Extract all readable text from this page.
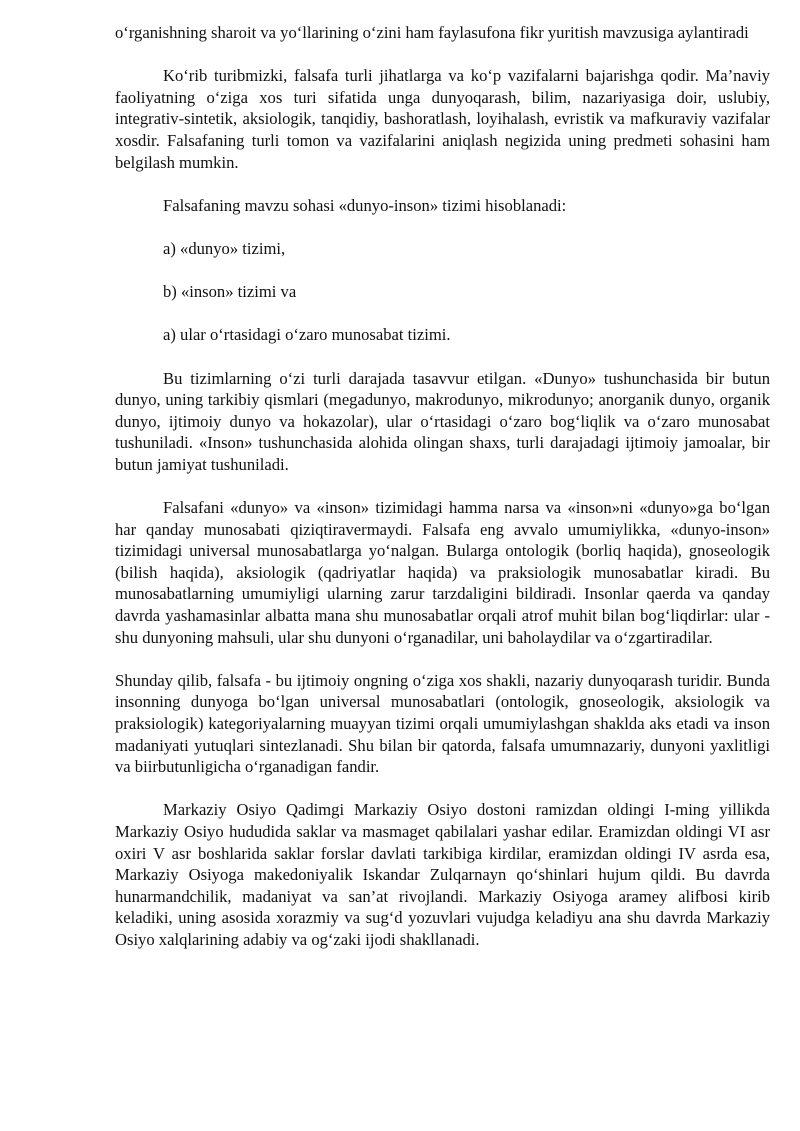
o‘rganishning sharoit va yo‘llarining o‘zini ham faylasufona fikr yuritish mavzusiga aylantiradi

Ko‘rib turibmizki, falsafa turli jihatlarga va ko‘p vazifalarni bajarishga qodir. Ma’naviy faoliyatning o‘ziga xos turi sifatida unga dunyoqarash, bilim, nazariyasiga doir, uslubiy, integrativ-sintetik, aksiologik, tanqidiy, bashoratlash, loyihalash, evristik va mafkuraviy vazifalar xosdir. Falsafaning turli tomon va vazifalarini aniqlash negizida uning predmeti sohasini ham belgilash mumkin.

Falsafaning mavzu sohasi «dunyo-inson» tizimi hisoblanadi:

a) «dunyo» tizimi,

b) «inson» tizimi va

a) ular o‘rtasidagi o‘zaro munosabat tizimi.

Bu tizimlarning o‘zi turli darajada tasavvur etilgan. «Dunyo» tushunchasida bir butun dunyo, uning tarkibiy qismlari (megadunyo, makrodunyo, mikrodunyo; anorganik dunyo, organik dunyo, ijtimoiy dunyo va hokazolar), ular o‘rtasidagi o‘zaro bog‘liqlik va o‘zaro munosabat tushuniladi. «Inson» tushunchasida alohida olingan shaxs, turli darajadagi ijtimoiy jamoalar, bir butun jamiyat tushuniladi.

Falsafani «dunyo» va «inson» tizimidagi hamma narsa va «inson»ni «dunyo»ga bo‘lgan har qanday munosabati qiziqtiravermaydi. Falsafa eng avvalo umumiylikka, «dunyo-inson» tizimidagi universal munosabatlarga yo‘nalgan. Bularga ontologik (borliq haqida), gnoseologik (bilish haqida), aksiologik (qadriyatlar haqida) va praksiologik munosabatlar kiradi. Bu munosabatlarning umumiyligi ularning zarur tarzdaligini bildiradi. Insonlar qaerda va qanday davrda yashamasinlar albatta mana shu munosabatlar orqali atrof muhit bilan bog‘liqdirlar: ular - shu dunyoning mahsuli, ular shu dunyoni o‘rganadilar, uni baholaydilar va o‘zgartiradilar.

Shunday qilib, falsafa - bu ijtimoiy ongning o‘ziga xos shakli, nazariy dunyoqarash turidir. Bunda insonning dunyoga bo‘lgan universal munosabatlari (ontologik, gnoseologik, aksiologik va praksiologik) kategoriyalarning muayyan tizimi orqali umumiylashgan shaklda aks etadi va inson madaniyati yutuqlari sintezlanadi. Shu bilan bir qatorda, falsafa umumnazariy, dunyoni yaxlitligi va biirbutunligicha o‘rganadigan fandir.

Markaziy Osiyo Qadimgi Markaziy Osiyo dostoni ramizdan oldingi I-ming yillikda Markaziy Osiyo hududida saklar va masmaget qabilalari yashar edilar. Eramizdan oldingi VI asr oxiri V asr boshlarida saklar forslar davlati tarkibiga kirdilar, eramizdan oldingi IV asrda esa, Markaziy Osiyoga makedoniyalik Iskandar Zulqarnayn qo‘shinlari hujum qildi. Bu davrda hunarmandchilik, madaniyat va san’at rivojlandi. Markaziy Osiyoga aramey alifbosi kirib keladiki, uning asosida xorazmiy va sug‘d yozuvlari vujudga keladiyu ana shu davrda Markaziy Osiyo xalqlarining adabiy va og‘zaki ijodi shakllanadi.
